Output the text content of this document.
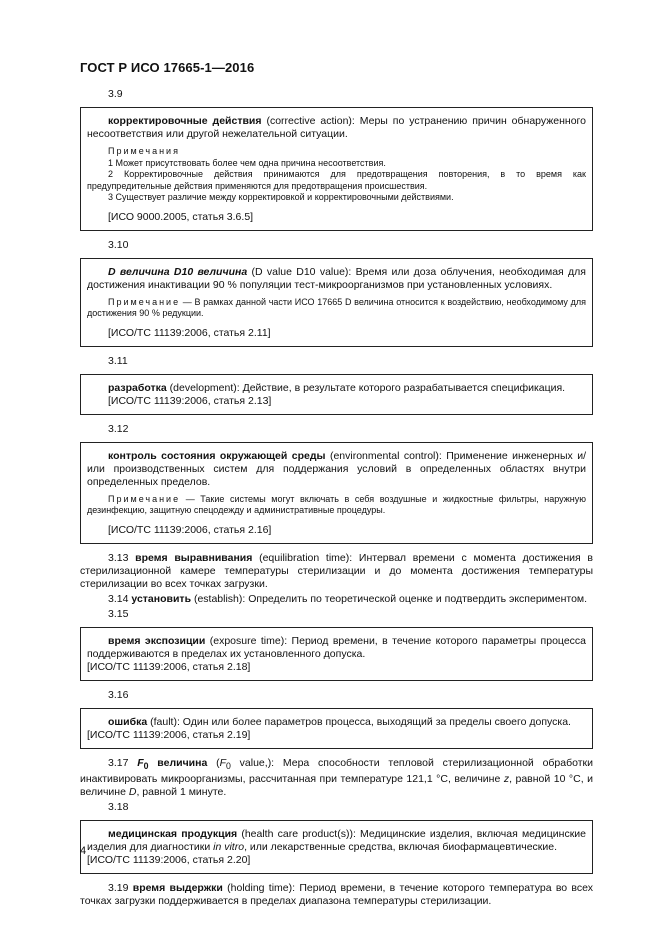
ГОСТ Р ИСО 17665-1—2016

3.9

корректировочные действия (corrective action): Меры по устранению причин обнаруженного несоответствия или другой нежелательной ситуации.

Примечания

1 Может присутствовать более чем одна причина несоответствия.

2 Корректировочные действия принимаются для предотвращения повторения, в то время как предупредительные действия применяются для предотвращения происшествия.

3 Существует различие между корректировкой и корректировочными действиями.

[ИСО 9000.2005, статья 3.6.5]

3.10

D величина D10 величина (D value D10 value): Время или доза облучения, необходимая для достижения инактивации 90 % популяции тест-микроорганизмов при установленных условиях.

Примечание — В рамках данной части ИСО 17665 D величина относится к воздействию, необходимому для достижения 90 % редукции.

[ИСО/ТС 11139:2006, статья 2.11]

3.11

разработка (development): Действие, в результате которого разрабатывается спецификация.

[ИСО/ТС 11139:2006, статья 2.13]

3.12

контроль состояния окружающей среды (environmental control): Применение инженерных и/или производственных систем для поддержания условий в определенных областях внутри определенных пределов.

Примечание — Такие системы могут включать в себя воздушные и жидкостные фильтры, наружную дезинфекцию, защитную спецодежду и административные процедуры.

[ИСО/ТС 11139:2006, статья 2.16]

3.13 время выравнивания (equilibration time): Интервал времени с момента достижения в стерилизационной камере температуры стерилизации и до момента достижения температуры стерилизации во всех точках загрузки.

3.14 установить (establish): Определить по теоретической оценке и подтвердить экспериментом.

3.15

время экспозиции (exposure time): Период времени, в течение которого параметры процесса поддерживаются в пределах их установленного допуска.

[ИСО/ТС 11139:2006, статья 2.18]

3.16

ошибка (fault): Один или более параметров процесса, выходящий за пределы своего допуска.

[ИСО/ТС 11139:2006, статья 2.19]

3.17 $F_0$ величина ($F_0$ value,): Мера способности тепловой стерилизационной обработки инактивировать микроорганизмы, рассчитанная при температуре 121,1 °C, величине z, равной 10 °C, и величине D, равной 1 минуте.

3.18

медицинская продукция (health care product(s)): Медицинские изделия, включая медицинские изделия для диагностики in vitro, или лекарственные средства, включая биофармацевтические.

[ИСО/ТС 11139:2006, статья 2.20]

3.19 время выдержки (holding time): Период времени, в течение которого температура во всех точках загрузки поддерживается в пределах диапазона температуры стерилизации.

4
